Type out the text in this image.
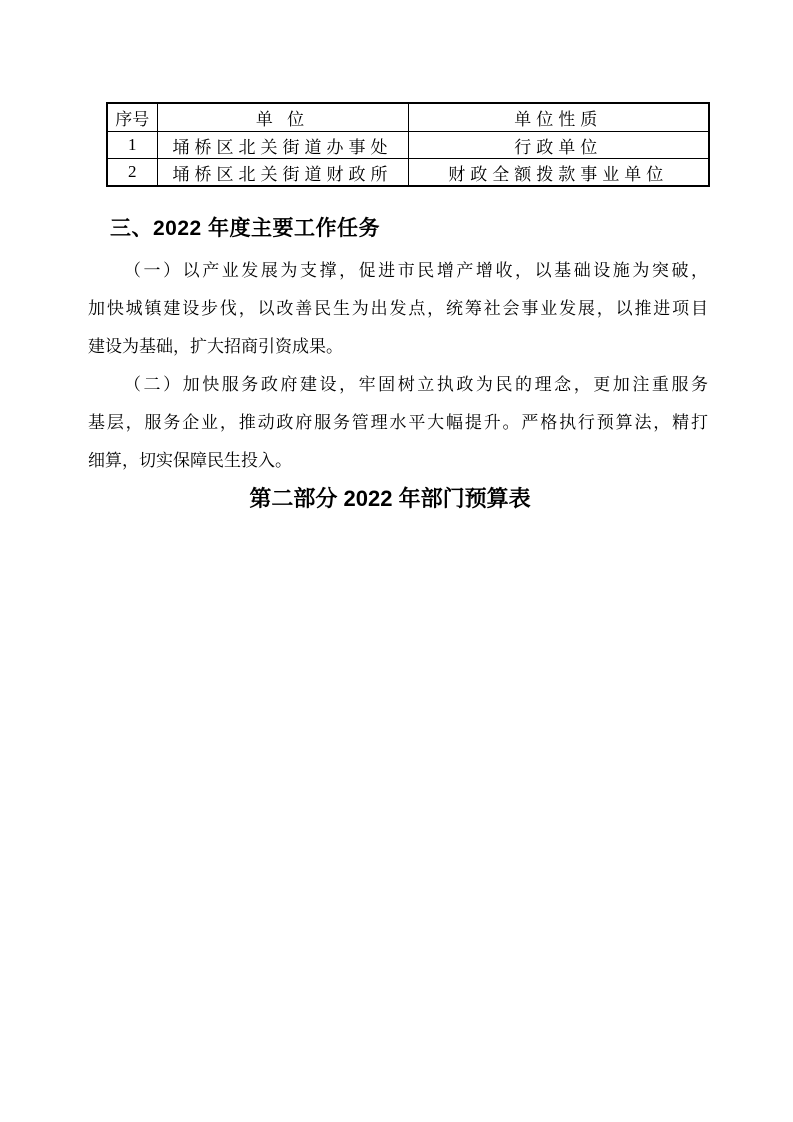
序号	单 位	单位性质
1	埇桥区北关街道办事处	行政单位
2	埇桥区北关街道财政所	财政全额拨款事业单位
三、2022 年度主要工作任务
（一）以产业发展为支撑，促进市民增产增收，以基础设施为突破，
加快城镇建设步伐，以改善民生为出发点，统筹社会事业发展，以推进项目
建设为基础，扩大招商引资成果。
（二）加快服务政府建设，牢固树立执政为民的理念，更加注重服务
基层，服务企业，推动政府服务管理水平大幅提升。严格执行预算法，精打
细算，切实保障民生投入。
第二部分 2022 年部门预算表
